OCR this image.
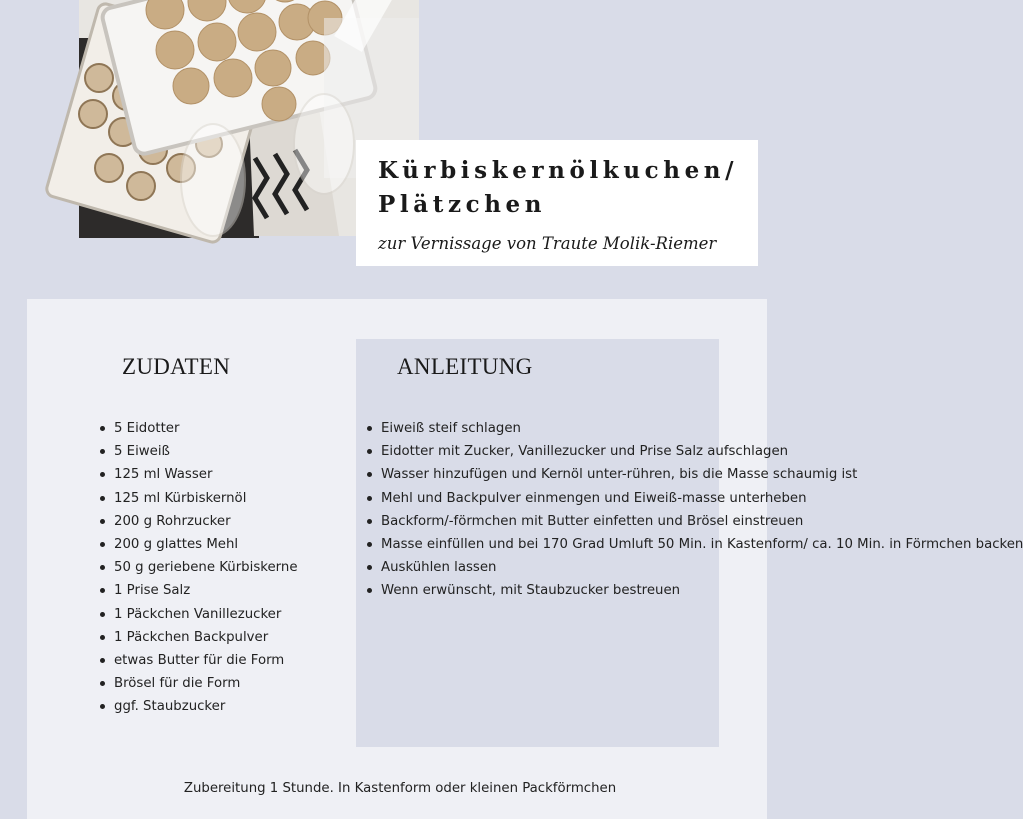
Kürbiskernölkuchen/
Plätzchen
zur Vernissage von Traute Molik-Riemer
ZUDATEN	ANLEITUNG
5 Eidotter
5 Eiweiß
125 ml Wasser
125 ml Kürbiskernöl
200 g Rohrzucker
200 g glattes Mehl
50 g geriebene Kürbiskerne
1 Prise Salz
1 Päckchen Vanillezucker
1 Päckchen Backpulver
etwas Butter für die Form
Brösel für die Form
ggf. Staubzucker
Eiweiß steif schlagen
Eidotter mit Zucker, Vanillezucker und Prise Salz aufschlagen
Wasser hinzufügen und Kernöl unter-rühren, bis die Masse schaumig ist
Mehl und Backpulver einmengen und Eiweiß-masse unterheben
Backform/-förmchen mit Butter einfetten und Brösel einstreuen
Masse einfüllen und bei 170 Grad Umluft 50 Min. in Kastenform/ ca. 10 Min. in Förmchen backen
Auskühlen lassen
Wenn erwünscht, mit Staubzucker bestreuen
Zubereitung 1 Stunde. In Kastenform oder kleinen Packförmchen
